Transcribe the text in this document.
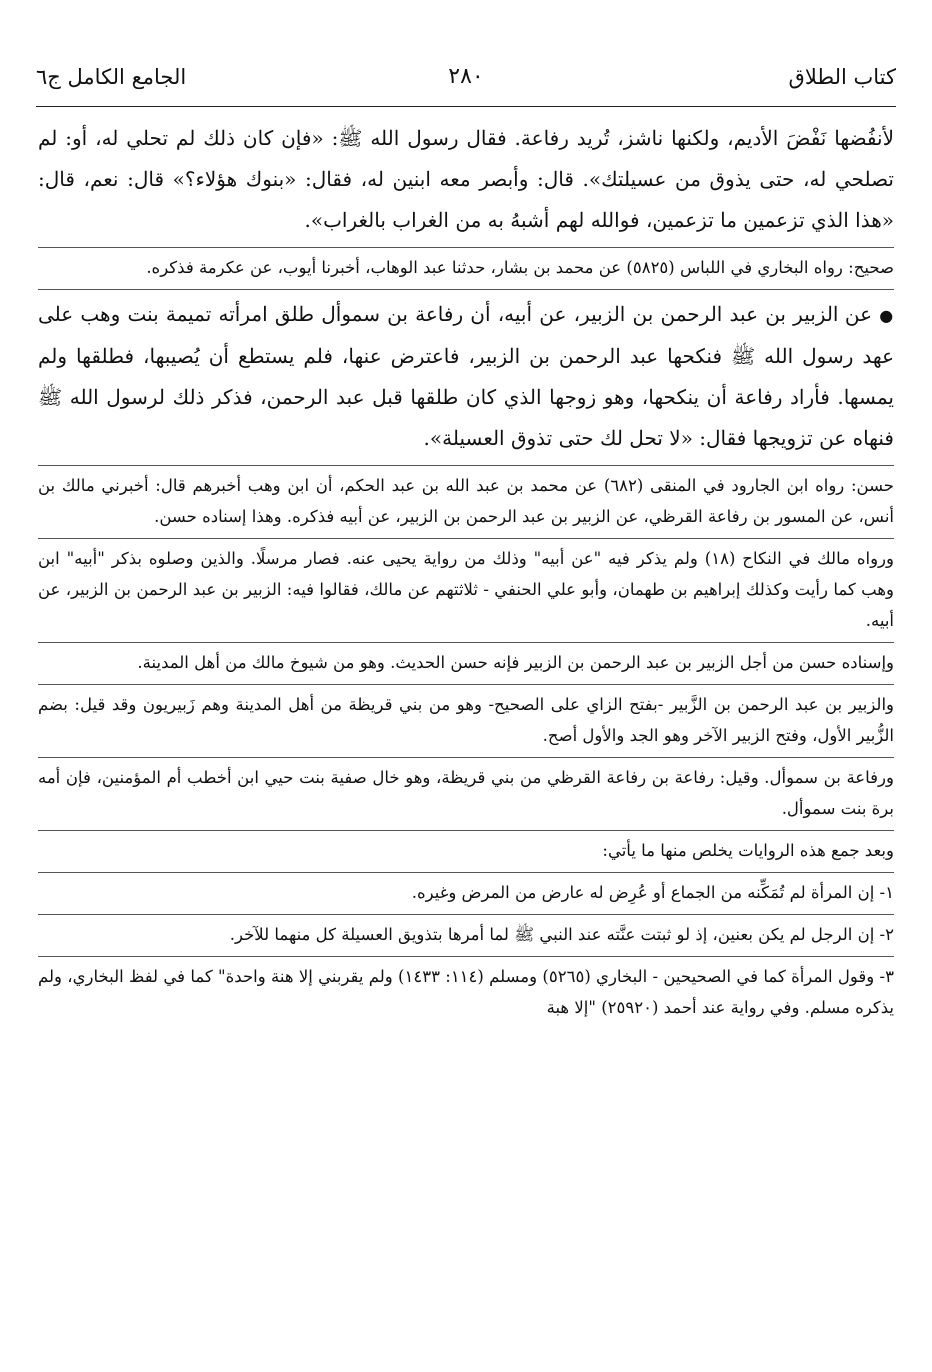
كتاب الطلاق
٢٨٠
الجامع الكامل ج٦

لأنفُضها نَفْضَ الأديم، ولكنها ناشز، تُريد رفاعة. فقال رسول الله ﷺ: «فإن كان ذلك لم تحلي له، أو: لم تصلحي له، حتى يذوق من عسيلتك». قال: وأبصر معه ابنين له، فقال: «بنوك هؤلاء؟» قال: نعم، قال: «هذا الذي تزعمين ما تزعمين، فوالله لهم أشبهُ به من الغراب بالغراب».

صحيح: رواه البخاري في اللباس (٥٨٢٥) عن محمد بن بشار، حدثنا عبد الوهاب، أخبرنا أيوب، عن عكرمة فذكره.

● عن الزبير بن عبد الرحمن بن الزبير، عن أبيه، أن رفاعة بن سموأل طلق امرأته تميمة بنت وهب على عهد رسول الله ﷺ فنكحها عبد الرحمن بن الزبير، فاعترض عنها، فلم يستطع أن يُصيبها، فطلقها ولم يمسها. فأراد رفاعة أن ينكحها، وهو زوجها الذي كان طلقها قبل عبد الرحمن، فذكر ذلك لرسول الله ﷺ فنهاه عن تزويجها فقال: «لا تحل لك حتى تذوق العسيلة».

حسن: رواه ابن الجارود في المنقى (٦٨٢) عن محمد بن عبد الله بن عبد الحكم، أن ابن وهب أخبرهم قال: أخبرني مالك بن أنس، عن المسور بن رفاعة القرظي، عن الزبير بن عبد الرحمن بن الزبير، عن أبيه فذكره. وهذا إسناده حسن.

ورواه مالك في النكاح (١٨) ولم يذكر فيه "عن أبيه" وذلك من رواية يحيى عنه. فصار مرسلًا. والذين وصلوه بذكر "أبيه" ابن وهب كما رأيت وكذلك إبراهيم بن طهمان، وأبو علي الحنفي - ثلاثتهم عن مالك، فقالوا فيه: الزبير بن عبد الرحمن بن الزبير، عن أبيه.

وإسناده حسن من أجل الزبير بن عبد الرحمن بن الزبير فإنه حسن الحديث. وهو من شيوخ مالك من أهل المدينة.

والزبير بن عبد الرحمن بن الزَّبير -بفتح الزاي على الصحيح- وهو من بني قريظة من أهل المدينة وهم زَبيريون وقد قيل: بضم الزُّبير الأول، وفتح الزبير الآخر وهو الجد والأول أصح.

ورفاعة بن سموأل. وقيل: رفاعة بن رفاعة القرظي من بني قريظة، وهو خال صفية بنت حيي ابن أخطب أم المؤمنين، فإن أمه برة بنت سموأل.

وبعد جمع هذه الروايات يخلص منها ما يأتي:

١- إن المرأة لم تُمَكِّنه من الجماع أو عُرِض له عارض من المرض وغيره.

٢- إن الرجل لم يكن بعنين، إذ لو ثبتت عنَّته عند النبي ﷺ لما أمرها بتذويق العسيلة كل منهما للآخر.

٣- وقول المرأة كما في الصحيحين - البخاري (٥٢٦٥) ومسلم (١١٤: ١٤٣٣) ولم يقربني إلا هنة واحدة" كما في لفظ البخاري، ولم يذكره مسلم. وفي رواية عند أحمد (٢٥٩٢٠) "إلا هبة
